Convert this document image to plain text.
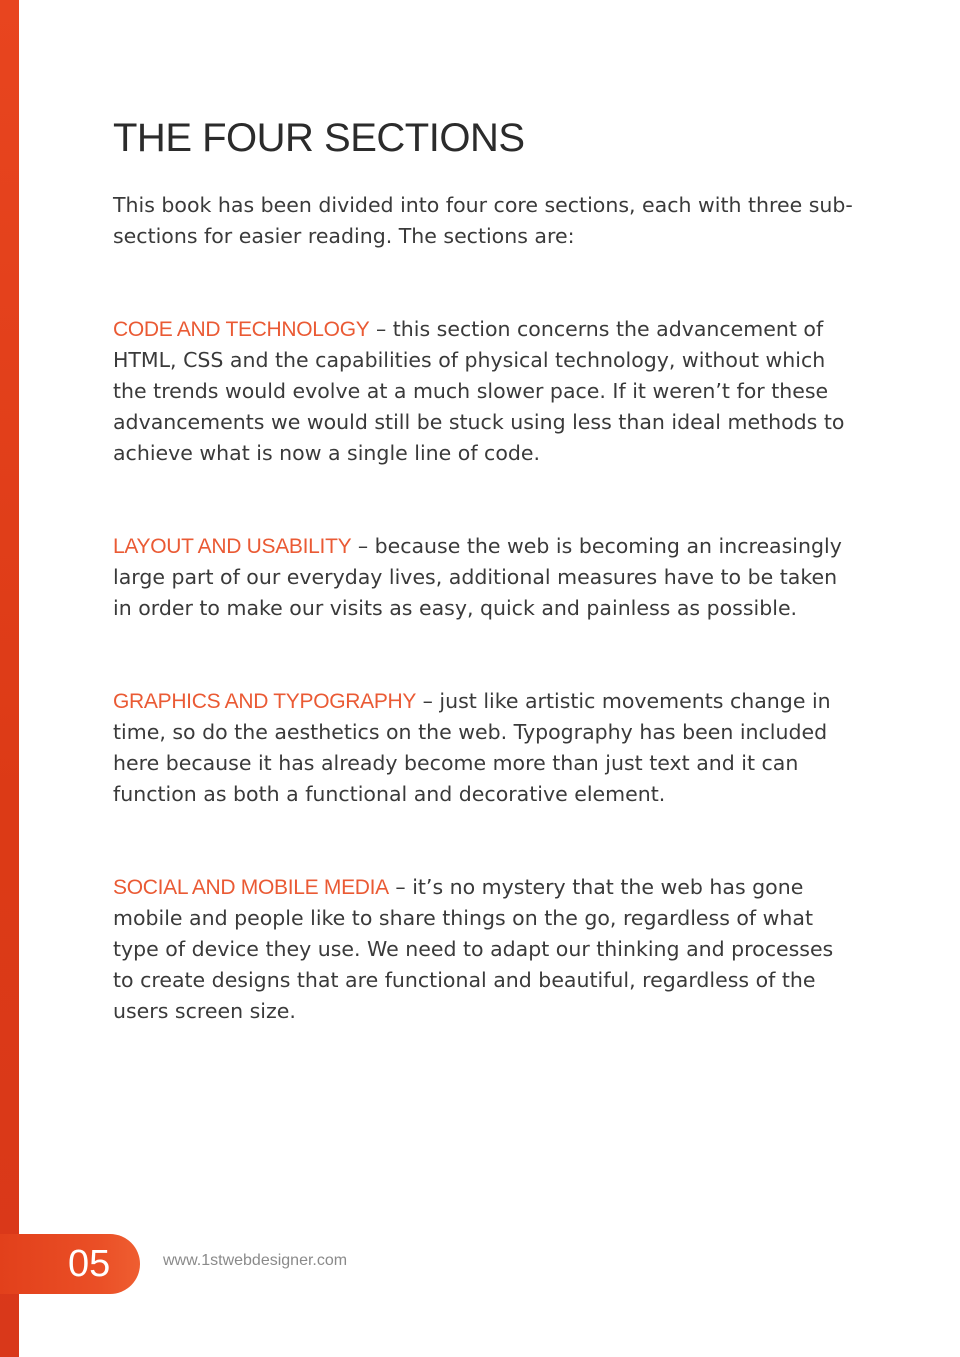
THE FOUR SECTIONS

This book has been divided into four core sections, each with three sub-sections for easier reading. The sections are:

CODE AND TECHNOLOGY – this section concerns the advancement of HTML, CSS and the capabilities of physical technology, without which the trends would evolve at a much slower pace. If it weren’t for these advancements we would still be stuck using less than ideal methods to achieve what is now a single line of code.

LAYOUT AND USABILITY – because the web is becoming an increasingly large part of our everyday lives, additional measures have to be taken in order to make our visits as easy, quick and painless as possible.

GRAPHICS AND TYPOGRAPHY – just like artistic movements change in time, so do the aesthetics on the web. Typography has been included here because it has already become more than just text and it can function as both a functional and decorative element.

SOCIAL AND MOBILE MEDIA – it’s no mystery that the web has gone mobile and people like to share things on the go, regardless of what type of device they use. We need to adapt our thinking and processes to create designs that are functional and beautiful, regardless of the users screen size.

05	www.1stwebdesigner.com
